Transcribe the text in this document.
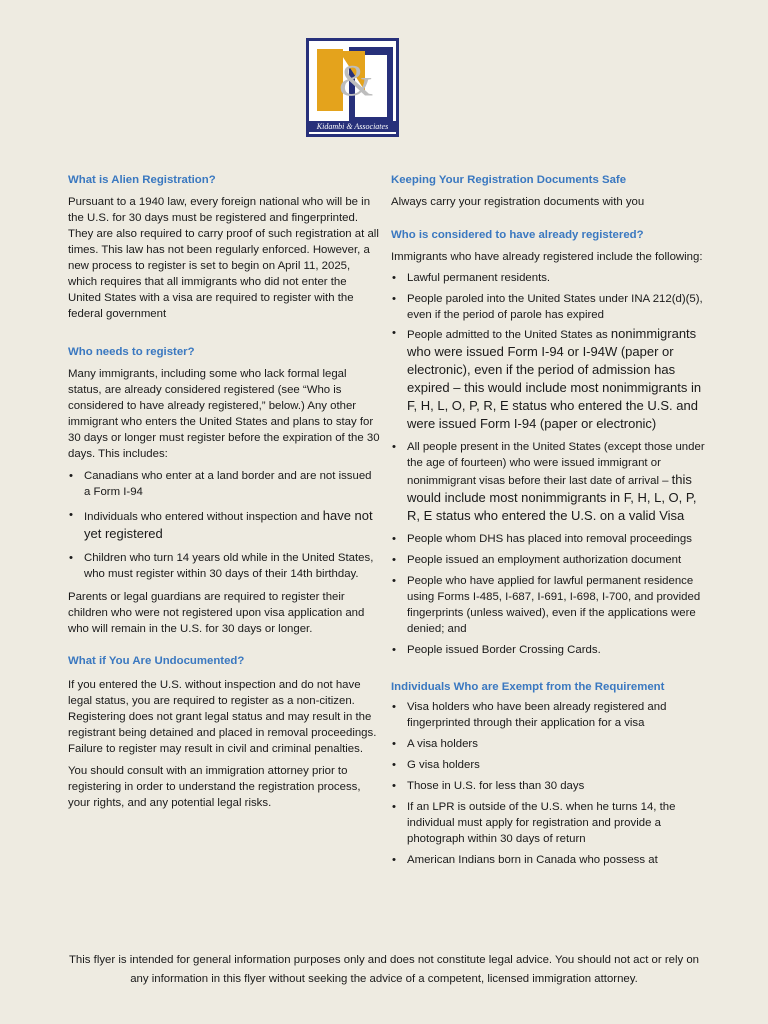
&
Kidambi & Associates
What is Alien Registration?

Pursuant to a 1940 law, every foreign national who will be in the U.S. for 30 days must be registered and fingerprinted. They are also required to carry proof of such registration at all times. This law has not been regularly enforced. However, a new process to register is set to begin on April 11, 2025, which requires that all immigrants who did not enter the United States with a visa are required to register with the federal government

Who needs to register?

Many immigrants, including some who lack formal legal status, are already considered registered (see “Who is considered to have already registered,” below.) Any other immigrant who enters the United States and plans to stay for 30 days or longer must register before the expiration of the 30 days. This includes:

• Canadians who enter at a land border and are not issued a Form I-94
• Individuals who entered without inspection and have not yet registered
• Children who turn 14 years old while in the United States, who must register within 30 days of their 14th birthday.

Parents or legal guardians are required to register their children who were not registered upon visa application and who will remain in the U.S. for 30 days or longer.

What if You Are Undocumented?

If you entered the U.S. without inspection and do not have legal status, you are required to register as a non-citizen. Registering does not grant legal status and may result in the registrant being detained and placed in removal proceedings. Failure to register may result in civil and criminal penalties.

You should consult with an immigration attorney prior to registering in order to understand the registration process, your rights, and any potential legal risks.

Keeping Your Registration Documents Safe

Always carry your registration documents with you

Who is considered to have already registered?

Immigrants who have already registered include the following:

• Lawful permanent residents.
• People paroled into the United States under INA 212(d)(5), even if the period of parole has expired
• People admitted to the United States as nonimmigrants who were issued Form I-94 or I-94W (paper or electronic), even if the period of admission has expired – this would include most nonimmigrants in F, H, L, O, P, R, E status who entered the U.S. and were issued Form I-94 (paper or electronic)
• All people present in the United States (except those under the age of fourteen) who were issued immigrant or nonimmigrant visas before their last date of arrival – this would include most nonimmigrants in F, H, L, O, P, R, E status who entered the U.S. on a valid Visa
• People whom DHS has placed into removal proceedings
• People issued an employment authorization document
• People who have applied for lawful permanent residence using Forms I-485, I-687, I-691, I-698, I-700, and provided fingerprints (unless waived), even if the applications were denied; and
• People issued Border Crossing Cards.
Individuals Who are Exempt from the Requirement
• Visa holders who have been already registered and fingerprinted through their application for a visa
• A visa holders
• G visa holders
• Those in U.S. for less than 30 days
• If an LPR is outside of the U.S. when he turns 14, the individual must apply for registration and provide a photograph within 30 days of return
• American Indians born in Canada who possess at
This flyer is intended for general information purposes only and does not constitute legal advice. You should not act or rely on any information in this flyer without seeking the advice of a competent, licensed immigration attorney.
